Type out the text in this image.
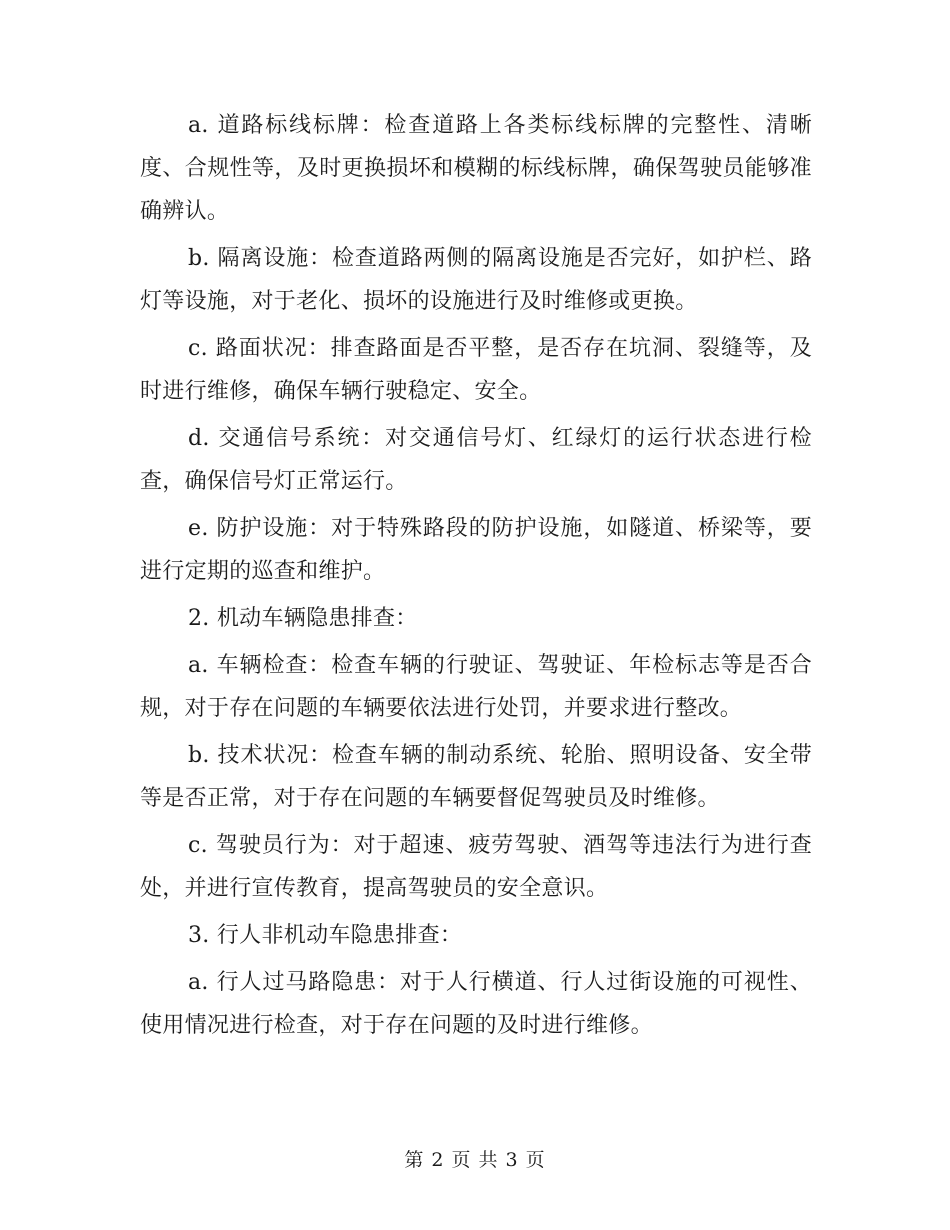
a. 道路标线标牌：检查道路上各类标线标牌的完整性、清晰度、合规性等，及时更换损坏和模糊的标线标牌，确保驾驶员能够准确辨认。

b. 隔离设施：检查道路两侧的隔离设施是否完好，如护栏、路灯等设施，对于老化、损坏的设施进行及时维修或更换。

c. 路面状况：排查路面是否平整，是否存在坑洞、裂缝等，及时进行维修，确保车辆行驶稳定、安全。

d. 交通信号系统：对交通信号灯、红绿灯的运行状态进行检查，确保信号灯正常运行。

e. 防护设施：对于特殊路段的防护设施，如隧道、桥梁等，要进行定期的巡查和维护。

2. 机动车辆隐患排查：

a. 车辆检查：检查车辆的行驶证、驾驶证、年检标志等是否合规，对于存在问题的车辆要依法进行处罚，并要求进行整改。

b. 技术状况：检查车辆的制动系统、轮胎、照明设备、安全带等是否正常，对于存在问题的车辆要督促驾驶员及时维修。

c. 驾驶员行为：对于超速、疲劳驾驶、酒驾等违法行为进行查处，并进行宣传教育，提高驾驶员的安全意识。

3. 行人非机动车隐患排查：

a. 行人过马路隐患：对于人行横道、行人过街设施的可视性、使用情况进行检查，对于存在问题的及时进行维修。

第 2 页 共 3 页
